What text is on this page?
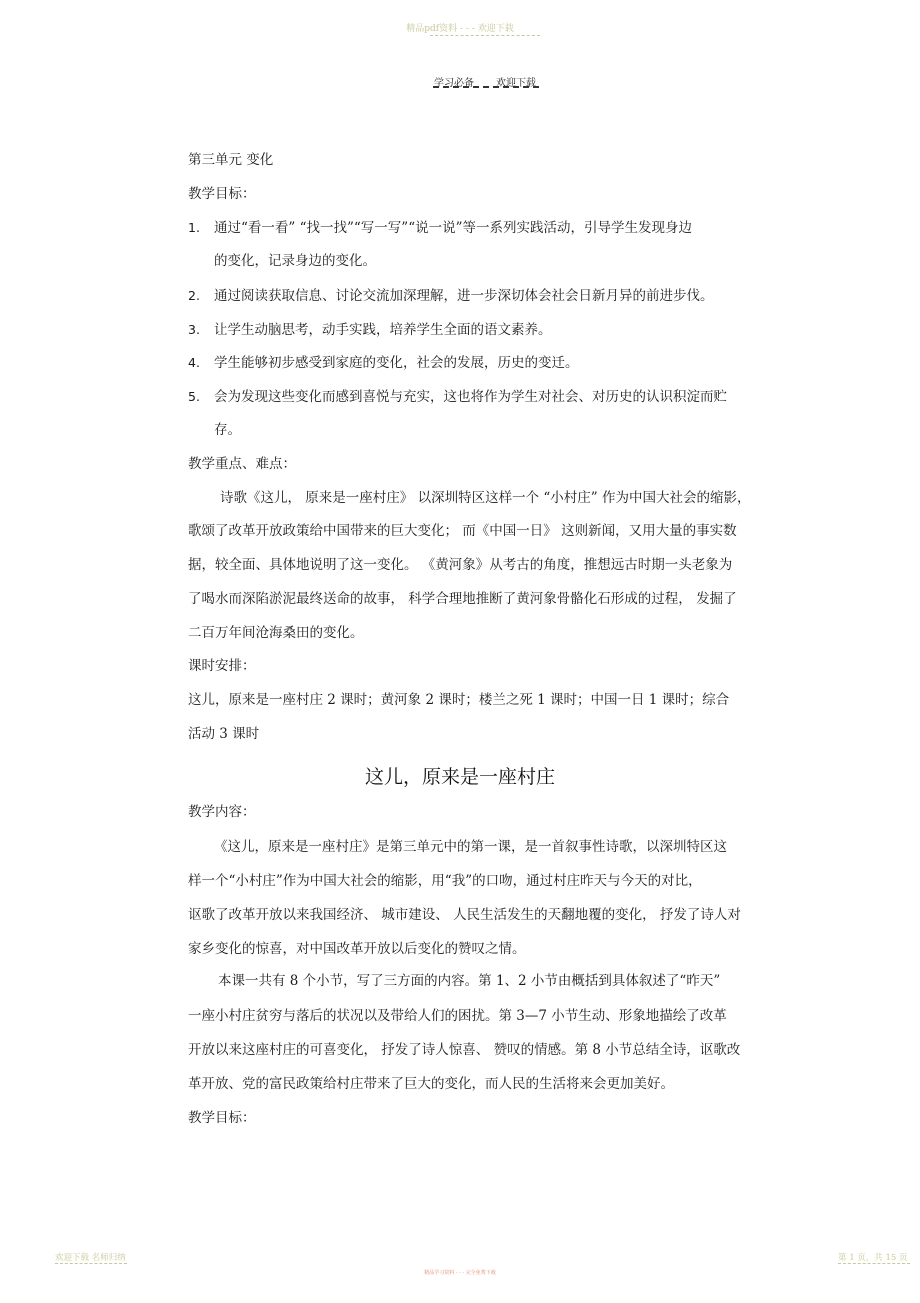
精品pdf资料 - - - 欢迎下载
学习必备 欢迎下载
第三单元 变化
教学目标：
1. 通过“看一看” “找一找”“写一写”“说一说”等一系列实践活动，引导学生发现身边
的变化，记录身边的变化。
2. 通过阅读获取信息、讨论交流加深理解，进一步深切体会社会日新月异的前进步伐。
3. 让学生动脑思考，动手实践，培养学生全面的语文素养。
4. 学生能够初步感受到家庭的变化，社会的发展，历史的变迁。
5. 会为发现这些变化而感到喜悦与充实，这也将作为学生对社会、对历史的认识积淀而贮
存。
教学重点、难点：
诗歌《这儿， 原来是一座村庄》 以深圳特区这样一个 “小村庄” 作为中国大社会的缩影，
歌颂了改革开放政策给中国带来的巨大变化； 而《中国一日》 这则新闻，又用大量的事实数
据，较全面、具体地说明了这一变化。 《黄河象》从考古的角度，推想远古时期一头老象为
了喝水而深陷淤泥最终送命的故事， 科学合理地推断了黄河象骨骼化石形成的过程， 发掘了
二百万年间沧海桑田的变化。
课时安排：
这儿，原来是一座村庄 2 课时；黄河象 2 课时；楼兰之死 1 课时；中国一日 1 课时；综合
活动 3 课时
这儿，原来是一座村庄
教学内容：
《这儿，原来是一座村庄》是第三单元中的第一课，是一首叙事性诗歌，以深圳特区这
样一个“小村庄”作为中国大社会的缩影，用“我”的口吻，通过村庄昨天与今天的对比，
讴歌了改革开放以来我国经济、 城市建设、 人民生活发生的天翻地覆的变化， 抒发了诗人对
家乡变化的惊喜，对中国改革开放以后变化的赞叹之情。
本课一共有 8 个小节，写了三方面的内容。第 1、2 小节由概括到具体叙述了“昨天”
一座小村庄贫穷与落后的状况以及带给人们的困扰。第 3—7 小节生动、形象地描绘了改革
开放以来这座村庄的可喜变化， 抒发了诗人惊喜、 赞叹的情感。第 8 小节总结全诗，讴歌改
革开放、党的富民政策给村庄带来了巨大的变化，而人民的生活将来会更加美好。
教学目标：
欢迎下载 名师归纳	第 1 页，共 15 页
精品学习资料 - - - 完全免费下载
